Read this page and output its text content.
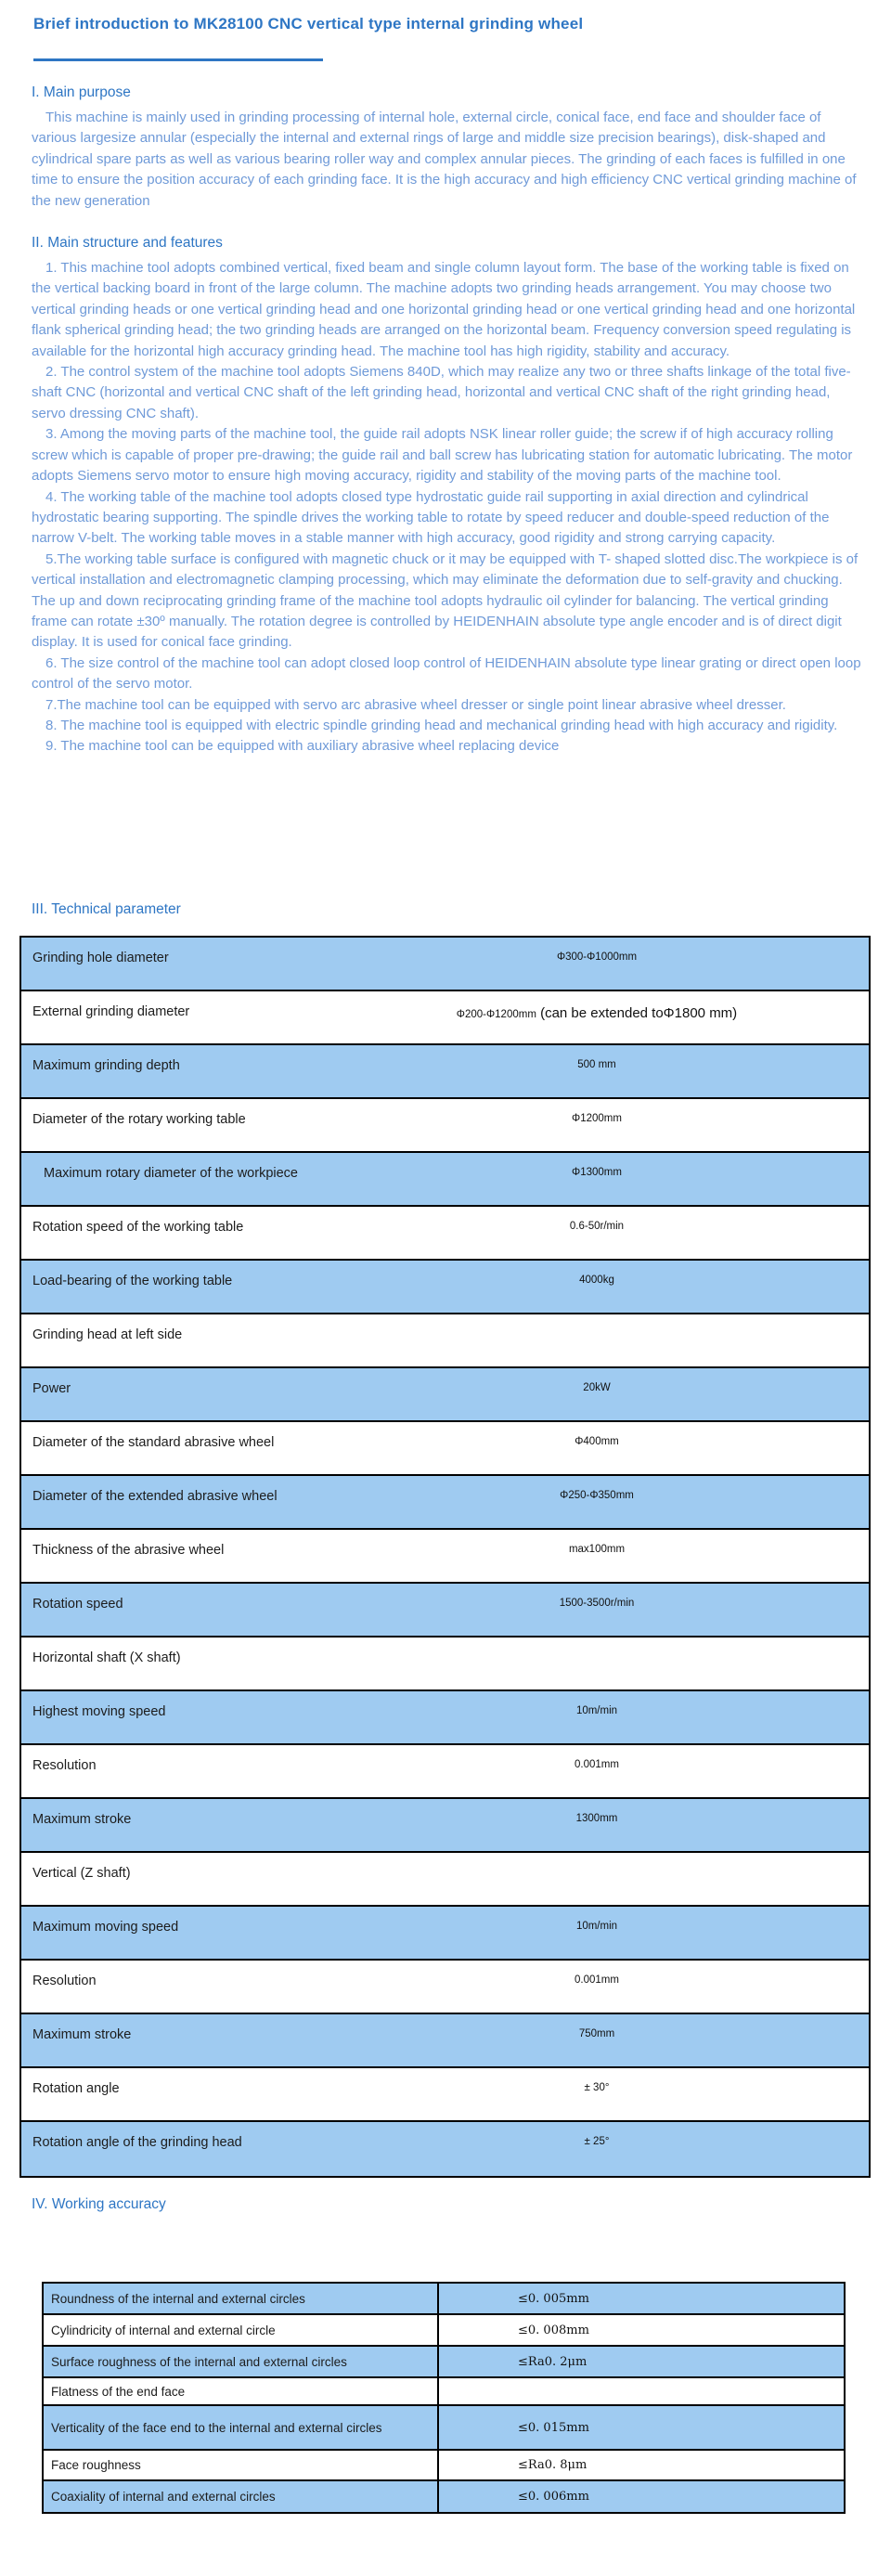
Brief introduction to MK28100 CNC vertical type internal grinding wheel
I. Main purpose

This machine is mainly used in grinding processing of internal hole, external circle, conical face, end face and shoulder face of various largesize annular (especially the internal and external rings of large and middle size precision bearings), disk-shaped and cylindrical spare parts as well as various bearing roller way and complex annular pieces. The grinding of each faces is fulfilled in one time to ensure the position accuracy of each grinding face. It is the high accuracy and high efficiency CNC vertical grinding machine of the new generation

II. Main structure and features

1. This machine tool adopts combined vertical, fixed beam and single column layout form. The base of the working table is fixed on the vertical backing board in front of the large column. The machine adopts two grinding heads arrangement. You may choose two vertical grinding heads or one vertical grinding head and one horizontal grinding head or one vertical grinding head and one horizontal flank spherical grinding head; the two grinding heads are arranged on the horizontal beam. Frequency conversion speed regulating is available for the horizontal high accuracy grinding head. The machine tool has high rigidity, stability and accuracy.

2. The control system of the machine tool adopts Siemens 840D, which may realize any two or three shafts linkage of the total five-shaft CNC (horizontal and vertical CNC shaft of the left grinding head, horizontal and vertical CNC shaft of the right grinding head, servo dressing CNC shaft).

3. Among the moving parts of the machine tool, the guide rail adopts NSK linear roller guide; the screw if of high accuracy rolling screw which is capable of proper pre-drawing; the guide rail and ball screw has lubricating station for automatic lubricating. The motor adopts Siemens servo motor to ensure high moving accuracy, rigidity and stability of the moving parts of the machine tool.

4. The working table of the machine tool adopts closed type hydrostatic guide rail supporting in axial direction and cylindrical hydrostatic bearing supporting. The spindle drives the working table to rotate by speed reducer and double-speed reduction of the narrow V-belt. The working table moves in a stable manner with high accuracy, good rigidity and strong carrying capacity.

5.The working table surface is configured with magnetic chuck or it may be equipped with T- shaped slotted disc.The workpiece is of vertical installation and electromagnetic clamping processing, which may eliminate the deformation due to self-gravity and chucking. The up and down reciprocating grinding frame of the machine tool adopts hydraulic oil cylinder for balancing. The vertical grinding frame can rotate ±30º manually. The rotation degree is controlled by HEIDENHAIN absolute type angle encoder and is of direct digit display. It is used for conical face grinding.

6. The size control of the machine tool can adopt closed loop control of HEIDENHAIN absolute type linear grating or direct open loop control of the servo motor.

7.The machine tool can be equipped with servo arc abrasive wheel dresser or single point linear abrasive wheel dresser.

8. The machine tool is equipped with electric spindle grinding head and mechanical grinding head with high accuracy and rigidity.

9. The machine tool can be equipped with auxiliary abrasive wheel replacing device

III. Technical parameter
Grinding hole diameter	Φ300-Φ1000mm
External grinding diameter	Φ200-Φ1200mm (can be extended toΦ1800 mm)
Maximum grinding depth	500 mm
Diameter of the rotary working table	Φ1200mm
Maximum rotary diameter of the workpiece	Φ1300mm
Rotation speed of the working table	0.6-50r/min
Load-bearing of the working table	4000kg
Grinding head at left side
Power	20kW
Diameter of the standard abrasive wheel	Φ400mm
Diameter of the extended abrasive wheel	Φ250-Φ350mm
Thickness of the abrasive wheel	max100mm
Rotation speed	1500-3500r/min
Horizontal shaft (X shaft)
Highest moving speed	10m/min
Resolution	0.001mm
Maximum stroke	1300mm
Vertical (Z shaft)
Maximum moving speed	10m/min
Resolution	0.001mm
Maximum stroke	750mm
Rotation angle	± 30°
Rotation angle of the grinding head	± 25°
IV. Working accuracy
Roundness of the internal and external circles	≤0. 005mm
Cylindricity of internal and external circle	≤0. 008mm
Surface roughness of the internal and external circles	≤Ra0. 2μm
Flatness of the end face
Verticality of the face end to the internal and external circles	≤0. 015mm
Face roughness	≤Ra0. 8μm
Coaxiality of internal and external circles	≤0. 006mm
